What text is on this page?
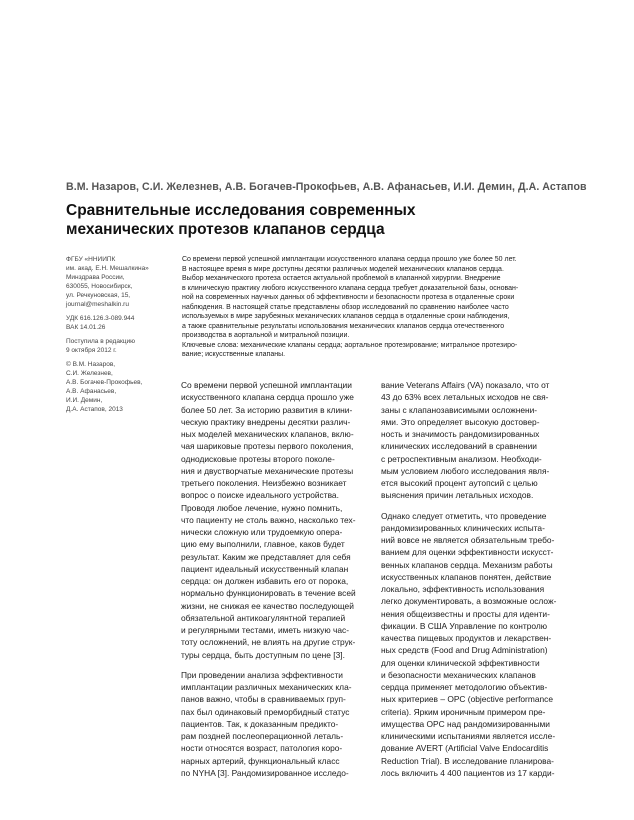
В.М. Назаров, С.И. Железнев, А.В. Богачев-Прокофьев, А.В. Афанасьев, И.И. Демин, Д.А. Астапов
Сравнительные исследования современных
механических протезов клапанов сердца
ФГБУ «ННИИПК
им. акад. Е.Н. Мешалкина»
Минздрава России,
630055, Новосибирск,
ул. Речкуновская, 15,
journal@meshalkin.ru
УДК 616.126.3-089.944
ВАК 14.01.26
Поступила в редакцию
9 октября 2012 г.
© В.М. Назаров,
С.И. Железнев,
А.В. Богачев-Прокофьев,
А.В. Афанасьев,
И.И. Демин,
Д.А. Астапов, 2013
Со времени первой успешной имплантации искусственного клапана сердца прошло уже более 50 лет.
В настоящее время в мире доступны десятки различных моделей механических клапанов сердца.
Выбор механического протеза остается актуальной проблемой в клапанной хирургии. Внедрение
в клиническую практику любого искусственного клапана сердца требует доказательной базы, основан-
ной на современных научных данных об эффективности и безопасности протеза в отдаленные сроки
наблюдения. В настоящей статье представлены обзор исследований по сравнению наиболее часто
используемых в мире зарубежных механических клапанов сердца в отдаленные сроки наблюдения,
а также сравнительные результаты использования механических клапанов сердца отечественного
производства в аортальной и митральной позиции.
Ключевые слова: механические клапаны сердца; аортальное протезирование; митральное протезиро-
вание; искусственные клапаны.
Со времени первой успешной имплантации
искусственного клапана сердца прошло уже
более 50 лет. За историю развития в клини-
ческую практику внедрены десятки различ-
ных моделей механических клапанов, вклю-
чая шариковые протезы первого поколения,
однодисковые протезы второго поколе-
ния и двустворчатые механические протезы
третьего поколения. Неизбежно возникает
вопрос о поиске идеального устройства.
Проводя любое лечение, нужно помнить,
что пациенту не столь важно, насколько тех-
нически сложную или трудоемкую опера-
цию ему выполнили, главное, каков будет
результат. Каким же представляет для себя
пациент идеальный искусственный клапан
сердца: он должен избавить его от порока,
нормально функционировать в течение всей
жизни, не снижая ее качество последующей
обязательной антикоагулянтной терапией
и регулярными тестами, иметь низкую час-
тоту осложнений, не влиять на другие струк-
туры сердца, быть доступным по цене [3].
При проведении анализа эффективности
имплантации различных механических кла-
панов важно, чтобы в сравниваемых груп-
пах был одинаковый преморбидный статус
пациентов. Так, к доказанным предикто-
рам поздней послеоперационной леталь-
ности относятся возраст, патология коро-
нарных артерий, функциональный класс
по NYHA [3]. Рандомизированное исследо-
вание Veterans Affairs (VA) показало, что от
43 до 63% всех летальных исходов не свя-
заны с клапанозависимыми осложнени-
ями. Это определяет высокую достовер-
ность и значимость рандомизированных
клинических исследований в сравнении
с ретроспективным анализом. Необходи-
мым условием любого исследования явля-
ется высокий процент аутопсий с целью
выяснения причин летальных исходов.
Однако следует отметить, что проведение
рандомизированных клинических испыта-
ний вовсе не является обязательным требо-
ванием для оценки эффективности искусст-
венных клапанов сердца. Механизм работы
искусственных клапанов понятен, действие
локально, эффективность использования
легко документировать, а возможные ослож-
нения общеизвестны и просты для иденти-
фикации. В США Управление по контролю
качества пищевых продуктов и лекарствен-
ных средств (Food and Drug Administration)
для оценки клинической эффективности
и безопасности механических клапанов
сердца применяет методологию объектив-
ных критериев – OPC (objective performance
criteria). Ярким ироничным примером пре-
имущества OPC над рандомизированными
клиническими испытаниями является иссле-
дование AVERT (Artificial Valve Endocarditis
Reduction Trial). В исследование планирова-
лось включить 4 400 пациентов из 17 карди-
